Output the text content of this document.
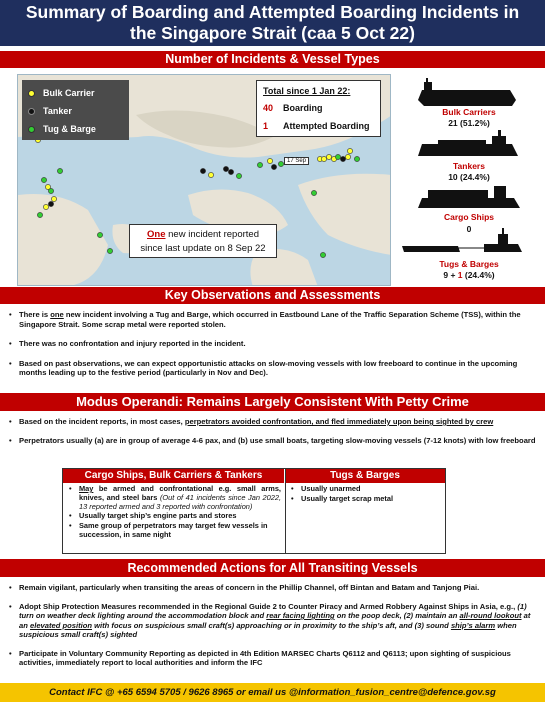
Summary of Boarding and Attempted Boarding Incidents in
the Singapore Strait (caa 5 Oct 22)
Number of Incidents & Vessel Types
Bulk Carrier
Tanker
Tug & Barge
Total since 1 Jan 22:
40 Boarding
1 Attempted Boarding
17 Sep
One new incident reported
since last update on 8 Sep 22
Bulk Carriers
21 (51.2%)
Tankers
10 (24.4%)
Cargo Ships
0
Tugs & Barges
9 + 1 (24.4%)
Key Observations and Assessments
• There is one new incident involving a Tug and Barge, which occurred in Eastbound Lane of the Traffic Separation Scheme (TSS), within the Singapore Strait. Some scrap metal were reported stolen.
• There was no confrontation and injury reported in the incident.
• Based on past observations, we can expect opportunistic attacks on slow-moving vessels with low freeboard to continue in the upcoming months leading up to the festive period (particularly in Nov and Dec).
Modus Operandi: Remains Largely Consistent With Petty Crime
• Based on the incident reports, in most cases, perpetrators avoided confrontation, and fled immediately upon being sighted by crew
• Perpetrators usually (a) are in group of average 4-6 pax, and (b) use small boats, targeting slow-moving vessels (7-12 knots) with low freeboard
Cargo Ships, Bulk Carriers & Tankers	Tugs & Barges
• May be armed and confrontational e.g. small arms, knives, and steel bars (Out of 41 incidents since Jan 2022, 13 reported armed and 3 reported with confrontation)
• Usually target ship’s engine parts and stores
• Same group of perpetrators may target few vessels in succession, in same night
• Usually unarmed
• Usually target scrap metal
Recommended Actions for All Transiting Vessels
• Remain vigilant, particularly when transiting the areas of concern in the Phillip Channel, off Bintan and Batam and Tanjong Piai.
• Adopt Ship Protection Measures recommended in the Regional Guide 2 to Counter Piracy and Armed Robbery Against Ships in Asia, e.g., (1) turn on weather deck lighting around the accommodation block and rear facing lighting on the poop deck, (2) maintain an all-round lookout at an elevated position with focus on suspicious small craft(s) approaching or in proximity to the ship’s aft, and (3) sound ship’s alarm when suspicious small craft(s) sighted
• Participate in Voluntary Community Reporting as depicted in 4th Edition MARSEC Charts Q6112 and Q6113; upon sighting of suspicious activities, immediately report to local authorities and inform the IFC
Contact IFC @ +65 6594 5705 / 9626 8965 or email us @information_fusion_centre@defence.gov.sg
